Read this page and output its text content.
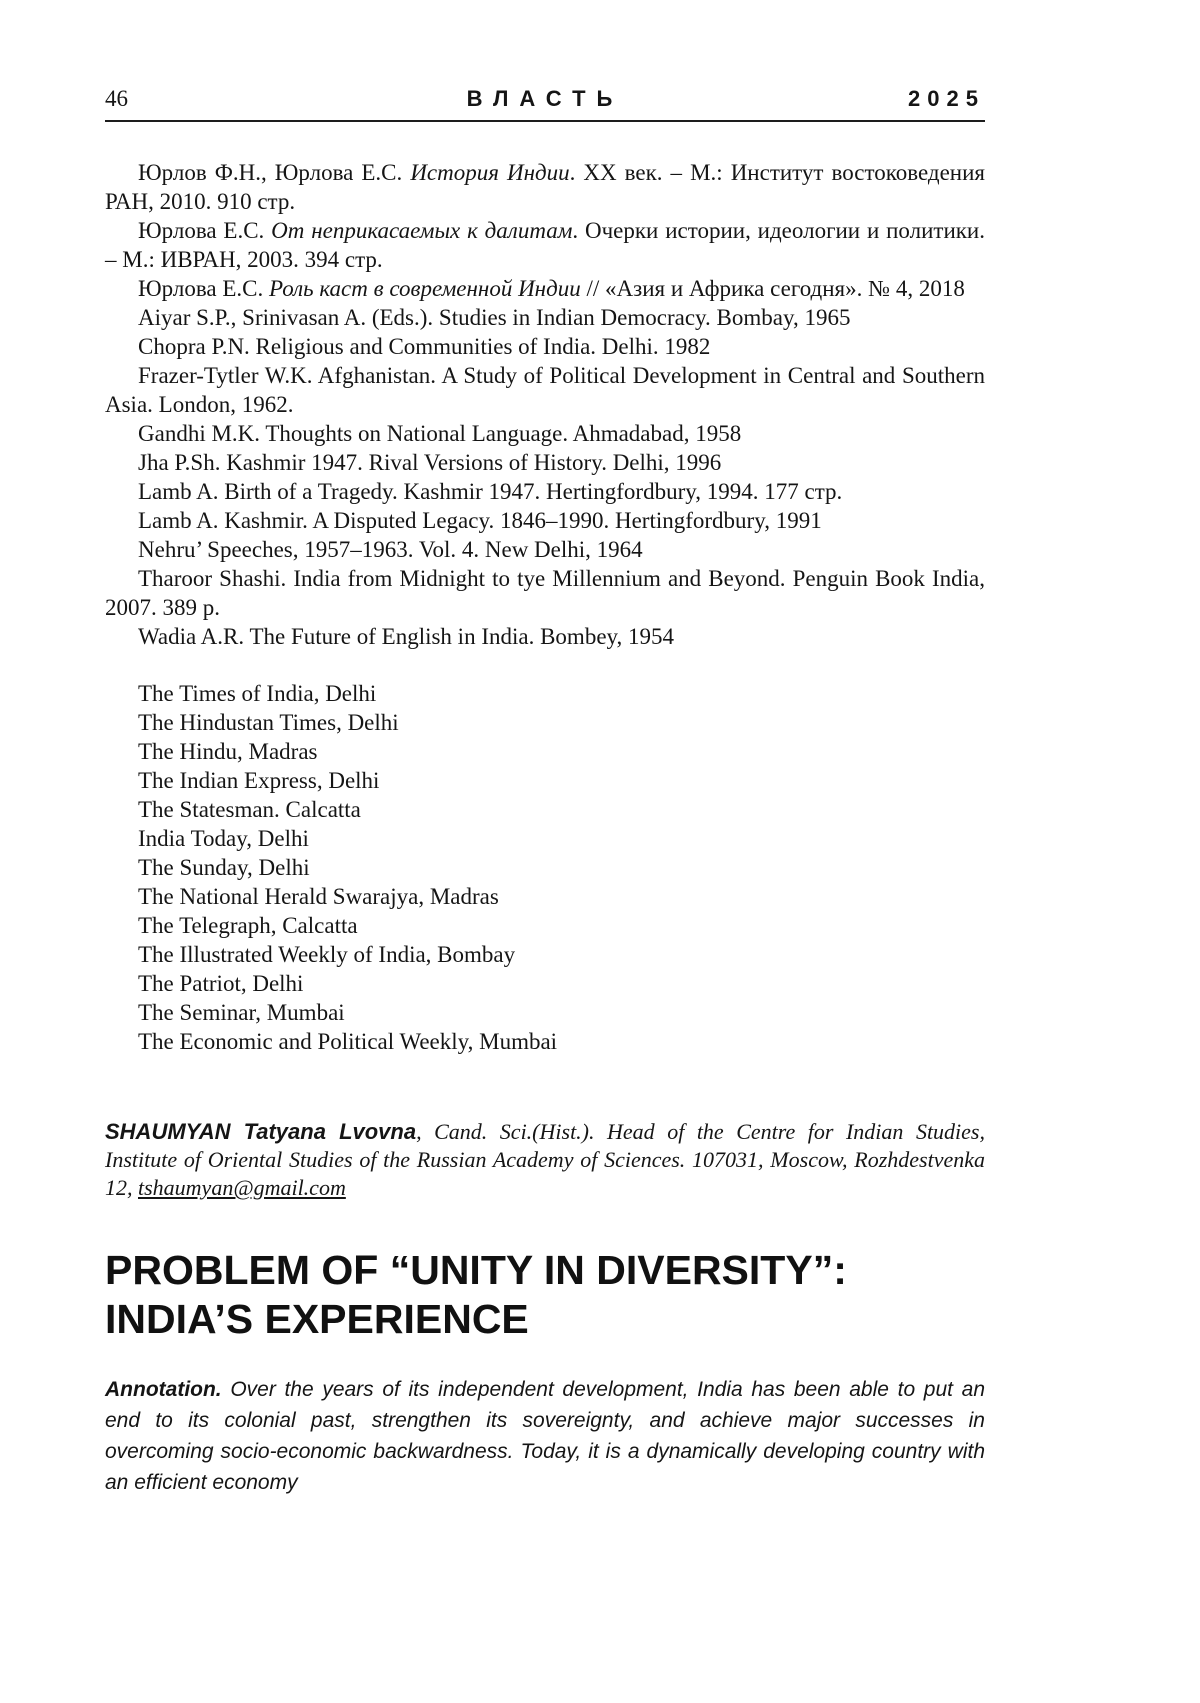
46	ВЛАСТЬ	2025

Юрлов Ф.Н., Юрлова Е.С. История Индии. XX век. – М.: Институт востоковедения РАН, 2010. 910 стр.

Юрлова Е.С. От неприкасаемых к далитам. Очерки истории, идеологии и политики. – М.: ИВРАН, 2003. 394 стр.

Юрлова Е.С. Роль каст в современной Индии // «Азия и Африка сегодня». № 4, 2018

Aiyar S.P., Srinivasan A. (Eds.). Studies in Indian Democracy. Bombay, 1965

Chopra P.N. Religious and Communities of India. Delhi. 1982

Frazer-Tytler W.K. Afghanistan. A Study of Political Development in Central and Southern Asia. London, 1962.

Gandhi M.K. Thoughts on National Language. Ahmadabad, 1958

Jha P.Sh. Kashmir 1947. Rival Versions of History. Delhi, 1996

Lamb A. Birth of a Tragedy. Kashmir 1947. Hertingfordbury, 1994. 177 стр.

Lamb A. Kashmir. A Disputed Legacy. 1846–1990. Hertingfordbury, 1991

Nehru’ Speeches, 1957–1963. Vol. 4. New Delhi, 1964

Tharoor Shashi. India from Midnight to tye Millennium and Beyond. Penguin Book India, 2007. 389 p.

Wadia A.R. The Future of English in India. Bombey, 1954

The Times of India, Delhi
The Hindustan Times, Delhi
The Hindu, Madras
The Indian Express, Delhi
The Statesman. Calcatta
India Today, Delhi
The Sunday, Delhi
The National Herald Swarajya, Madras
The Telegraph, Calcatta
The Illustrated Weekly of India, Bombay
The Patriot, Delhi
The Seminar, Mumbai
The Economic and Political Weekly, Mumbai
SHAUMYAN Tatyana Lvovna, Cand. Sci.(Hist.). Head of the Centre for Indian Studies, Institute of Oriental Studies of the Russian Academy of Sciences. 107031, Moscow, Rozhdestvenka 12, tshaumyan@gmail.com
PROBLEM OF “UNITY IN DIVERSITY”:
INDIA’S EXPERIENCE

Annotation. Over the years of its independent development, India has been able to put an end to its colonial past, strengthen its sovereignty, and achieve major successes in overcoming socio-economic backwardness. Today, it is a dynamically developing country with an efficient economy
